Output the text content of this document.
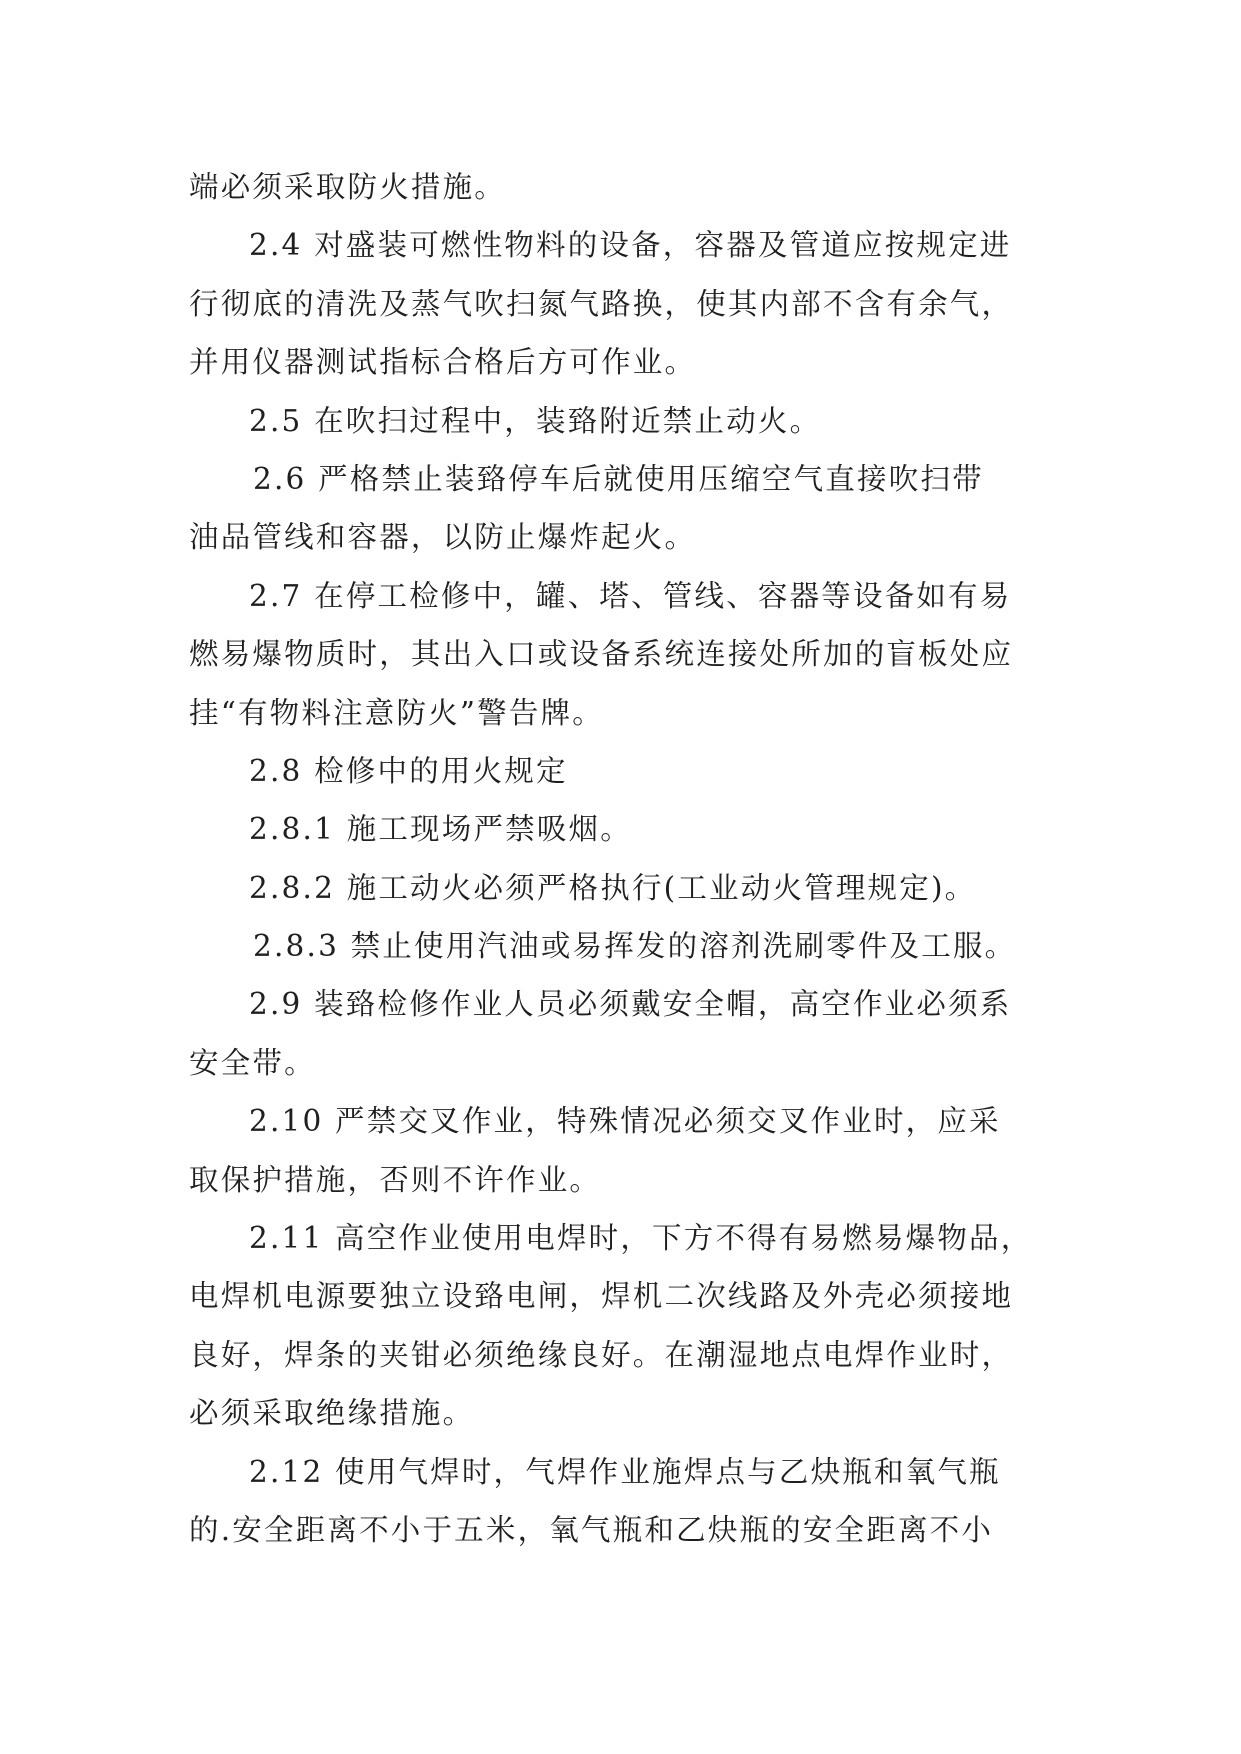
端必须采取防火措施。
2.4 对盛装可燃性物料的设备，容器及管道应按规定进
行彻底的清洗及蒸气吹扫氮气路换，使其内部不含有余气，
并用仪器测试指标合格后方可作业。
2.5 在吹扫过程中，装臵附近禁止动火。
2.6 严格禁止装臵停车后就使用压缩空气直接吹扫带
油品管线和容器，以防止爆炸起火。
2.7 在停工检修中，罐、塔、管线、容器等设备如有易
燃易爆物质时，其出入口或设备系统连接处所加的盲板处应
挂“有物料注意防火”警告牌。
2.8 检修中的用火规定
2.8.1 施工现场严禁吸烟。
2.8.2 施工动火必须严格执行(工业动火管理规定)。
2.8.3 禁止使用汽油或易挥发的溶剂洗刷零件及工服。
2.9 装臵检修作业人员必须戴安全帽，高空作业必须系
安全带。
2.10 严禁交叉作业，特殊情况必须交叉作业时，应采
取保护措施，否则不许作业。
2.11 高空作业使用电焊时，下方不得有易燃易爆物品，
电焊机电源要独立设臵电闸，焊机二次线路及外壳必须接地
良好，焊条的夹钳必须绝缘良好。在潮湿地点电焊作业时，
必须采取绝缘措施。
2.12 使用气焊时，气焊作业施焊点与乙炔瓶和氧气瓶
的.安全距离不小于五米，氧气瓶和乙炔瓶的安全距离不小
